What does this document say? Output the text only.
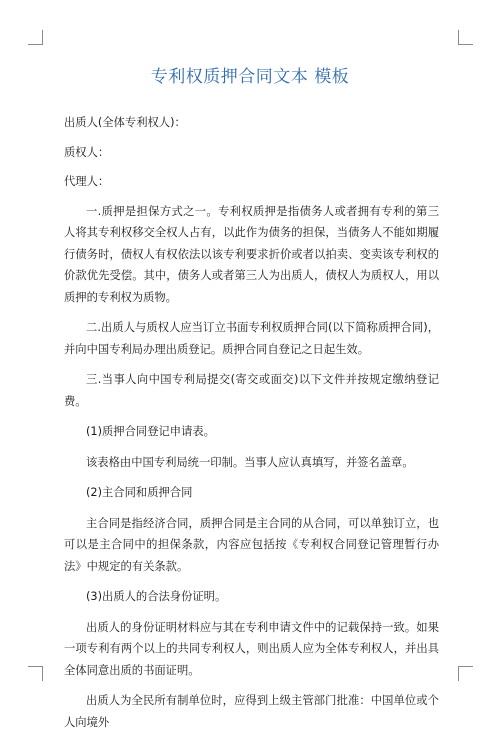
专利权质押合同文本 模板

出质人(全体专利权人)：

质权人：

代理人：

一.质押是担保方式之一。专利权质押是指债务人或者拥有专利的第三人将其专利权移交全权人占有，以此作为债务的担保，当债务人不能如期履行债务时，债权人有权依法以该专利要求折价或者以拍卖、变卖该专利权的价款优先受偿。其中，债务人或者第三人为出质人，债权人为质权人，用以质押的专利权为质物。

二.出质人与质权人应当订立书面专利权质押合同(以下简称质押合同)，并向中国专利局办理出质登记。质押合同自登记之日起生效。

三.当事人向中国专利局提交(寄交或面交)以下文件并按规定缴纳登记费。

(1)质押合同登记申请表。

该表格由中国专利局统一印制。当事人应认真填写，并签名盖章。

(2)主合同和质押合同

主合同是指经济合同，质押合同是主合同的从合同，可以单独订立，也可以是主合同中的担保条款，内容应包括按《专利权合同登记管理暂行办法》中规定的有关条款。

(3)出质人的合法身份证明。

出质人的身份证明材料应与其在专利申请文件中的记载保持一致。如果一项专利有两个以上的共同专利权人，则出质人应为全体专利权人，并出具全体同意出质的书面证明。

出质人为全民所有制单位时，应得到上级主管部门批准：中国单位或个人向境外
